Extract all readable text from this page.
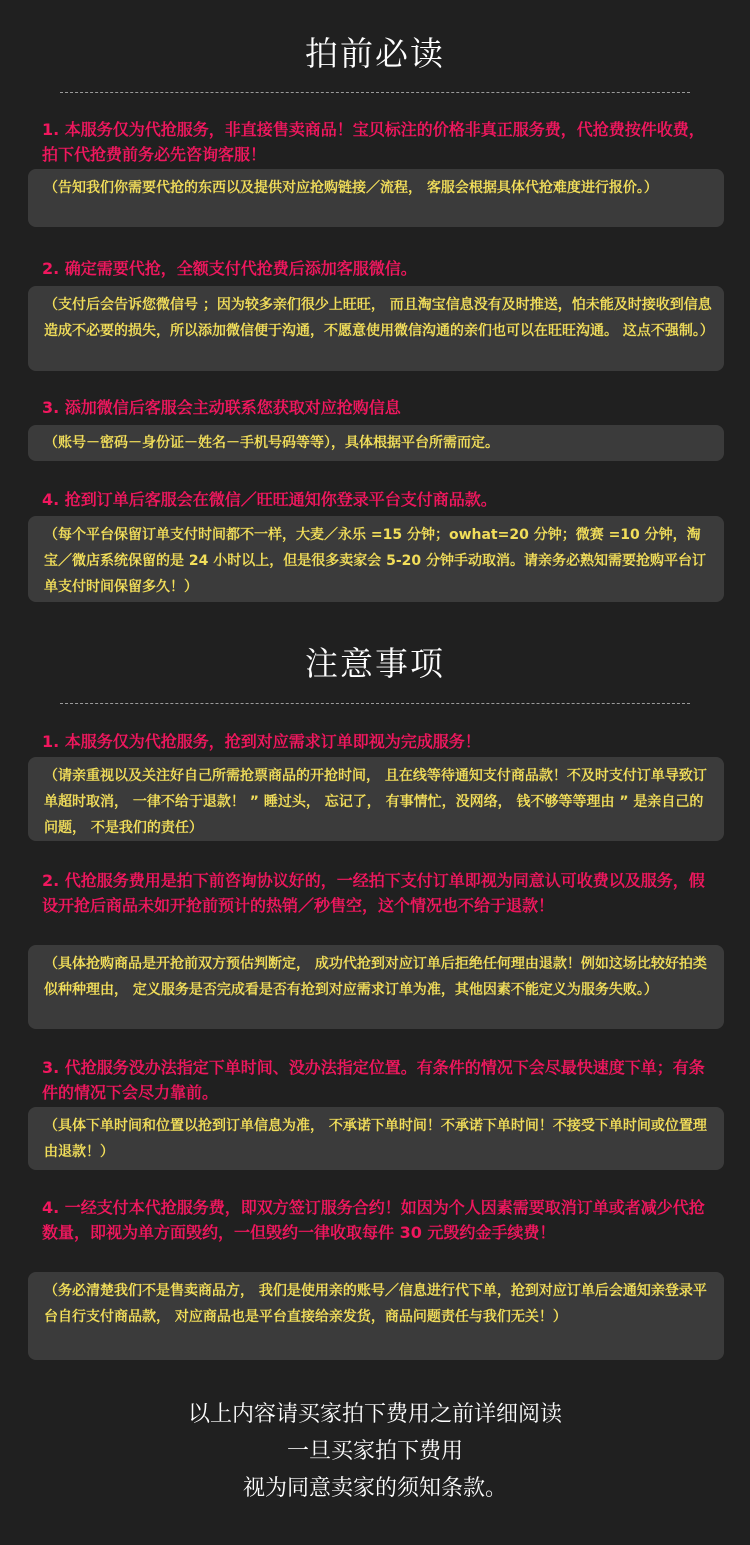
拍前必读
1. 本服务仅为代抢服务，非直接售卖商品！宝贝标注的价格非真正服务费，代抢费按件收费，拍下代抢费前务必先咨询客服！

（告知我们你需要代抢的东西以及提供对应抢购链接／流程， 客服会根据具体代抢难度进行报价。）

2. 确定需要代抢，全额支付代抢费后添加客服微信。

（支付后会告诉您微信号 ；因为较多亲们很少上旺旺， 而且淘宝信息没有及时推送，怕未能及时接收到信息造成不必要的损失，所以添加微信便于沟通，不愿意使用微信沟通的亲们也可以在旺旺沟通。 这点不强制。）

3. 添加微信后客服会主动联系您获取对应抢购信息

（账号－密码－身份证－姓名－手机号码等等），具体根据平台所需而定。

4. 抢到订单后客服会在微信／旺旺通知你登录平台支付商品款。

（每个平台保留订单支付时间都不一样，大麦／永乐 =15 分钟；owhat=20 分钟；微赛 =10 分钟，淘宝／微店系统保留的是 24 小时以上，但是很多卖家会 5-20 分钟手动取消。请亲务必熟知需要抢购平台订单支付时间保留多久！）

注意事项
1. 本服务仅为代抢服务，抢到对应需求订单即视为完成服务！

（请亲重视以及关注好自己所需抢票商品的开抢时间， 且在线等待通知支付商品款！不及时支付订单导致订单超时取消， 一律不给于退款！ ” 睡过头， 忘记了， 有事情忙，没网络， 钱不够等等理由 ” 是亲自己的问题， 不是我们的责任）

2. 代抢服务费用是拍下前咨询协议好的，一经拍下支付订单即视为同意认可收费以及服务，假设开抢后商品未如开抢前预计的热销／秒售空，这个情况也不给于退款！

（具体抢购商品是开抢前双方预估判断定， 成功代抢到对应订单后拒绝任何理由退款！例如这场比较好拍类似种种理由， 定义服务是否完成看是否有抢到对应需求订单为准，其他因素不能定义为服务失败。）

3. 代抢服务没办法指定下单时间、没办法指定位置。有条件的情况下会尽最快速度下单；有条件的情况下会尽力靠前。

（具体下单时间和位置以抢到订单信息为准， 不承诺下单时间！不承诺下单时间！不接受下单时间或位置理由退款！）

4. 一经支付本代抢服务费，即双方签订服务合约！如因为个人因素需要取消订单或者减少代抢数量，即视为单方面毁约，一但毁约一律收取每件 30 元毁约金手续费！

（务必清楚我们不是售卖商品方， 我们是使用亲的账号／信息进行代下单，抢到对应订单后会通知亲登录平台自行支付商品款， 对应商品也是平台直接给亲发货，商品问题责任与我们无关！）

以上内容请买家拍下费用之前详细阅读
一旦买家拍下费用
视为同意卖家的须知条款。
